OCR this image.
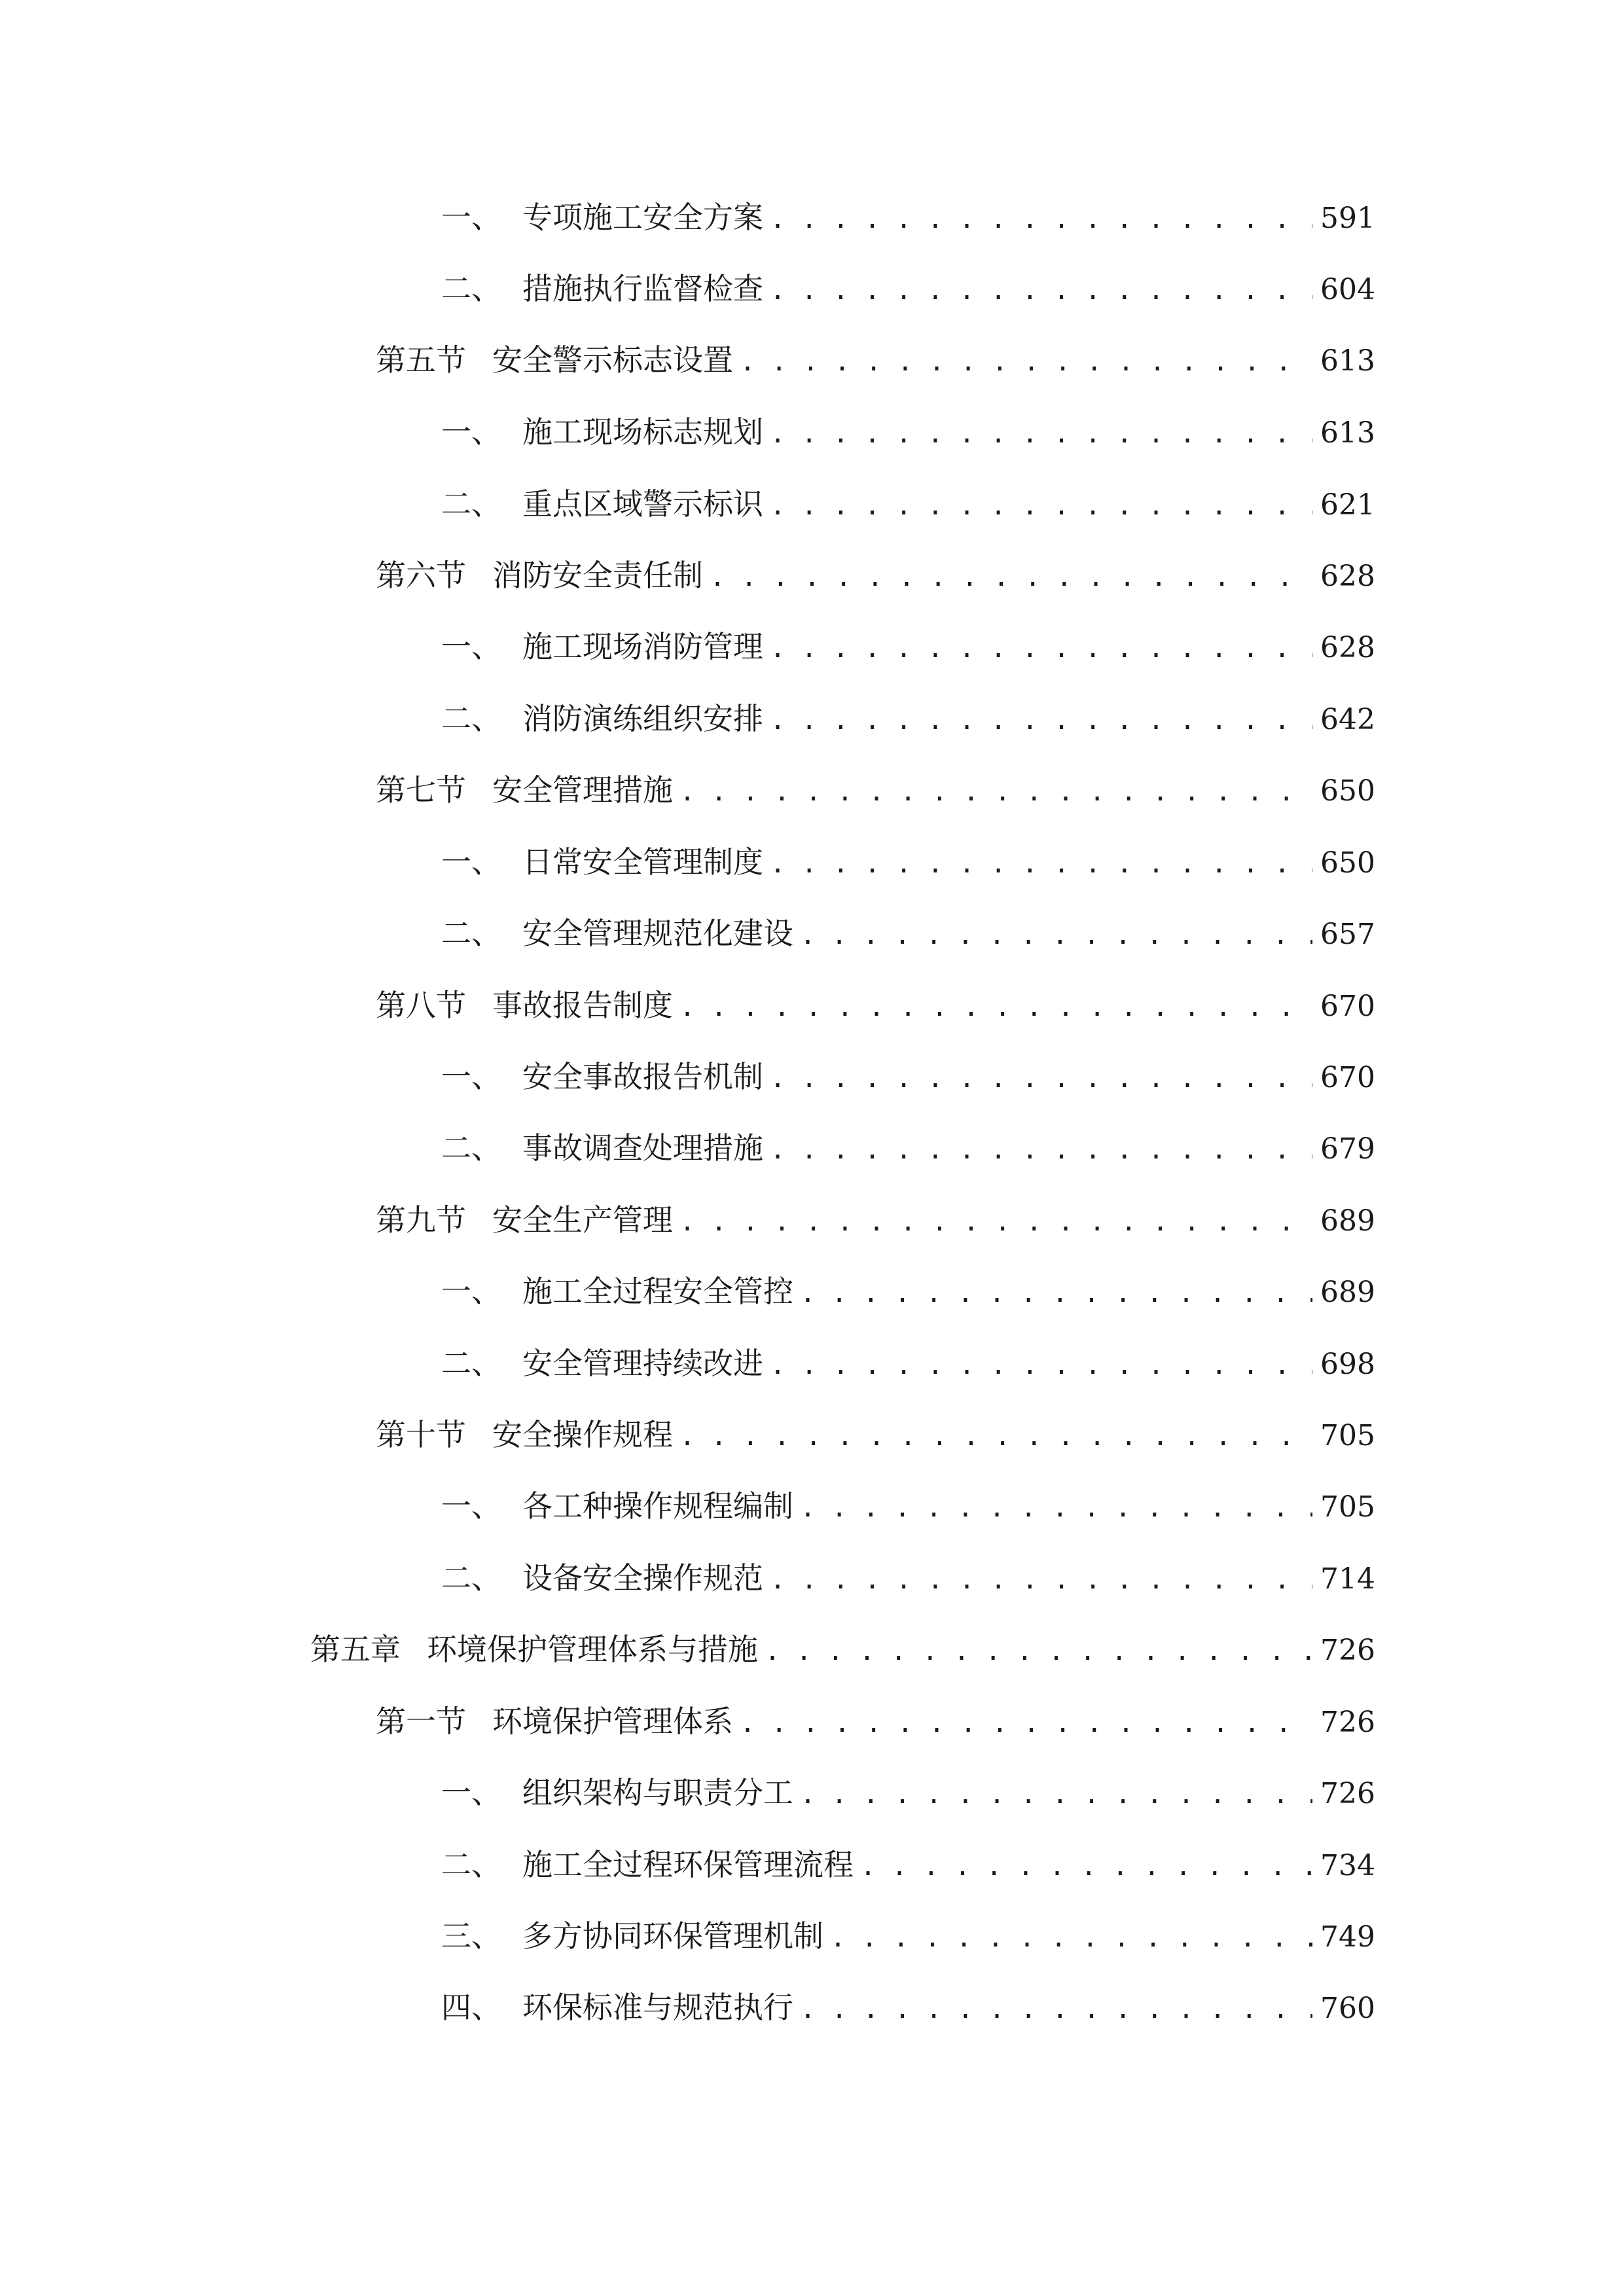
一、 专项施工安全方案 . . .	591
二、 措施执行监督检查 . . .	604
第五节 安全警示标志设置 . . .	613
一、 施工现场标志规划 . . .	613
二、 重点区域警示标识 . . .	621
第六节 消防安全责任制 . . .	628
一、 施工现场消防管理 . . .	628
二、 消防演练组织安排 . . .	642
第七节 安全管理措施 . . .	650
一、 日常安全管理制度 . . .	650
二、 安全管理规范化建设 . . .	657
第八节 事故报告制度 . . .	670
一、 安全事故报告机制 . . .	670
二、 事故调查处理措施 . . .	679
第九节 安全生产管理 . . .	689
一、 施工全过程安全管控 . . .	689
二、 安全管理持续改进 . . .	698
第十节 安全操作规程 . . .	705
一、 各工种操作规程编制 . . .	705
二、 设备安全操作规范 . . .	714
第五章 环境保护管理体系与措施 . . .	726
第一节 环境保护管理体系 . . .	726
一、 组织架构与职责分工 . . .	726
二、 施工全过程环保管理流程 . . .	734
三、 多方协同环保管理机制 . . .	749
四、 环保标准与规范执行 . . .	760
